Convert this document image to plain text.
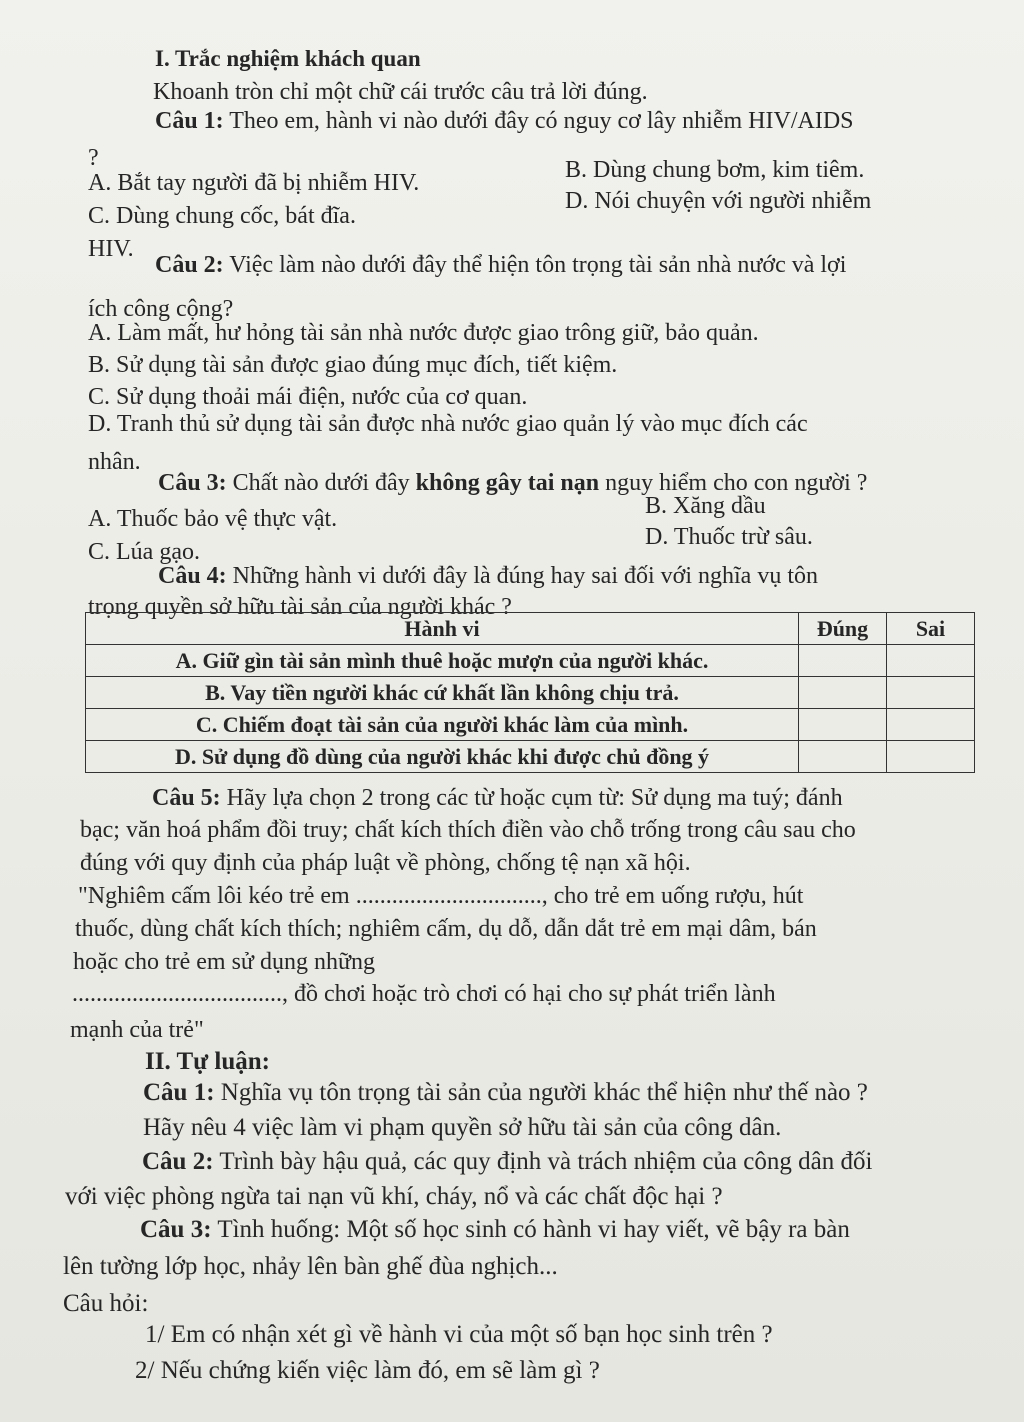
I. Trắc nghiệm khách quan
Khoanh tròn chỉ một chữ cái trước câu trả lời đúng.
Câu 1: Theo em, hành vi nào dưới đây có nguy cơ lây nhiễm HIV/AIDS
?
A. Bắt tay người đã bị nhiễm HIV.	B. Dùng chung bơm, kim tiêm.
C. Dùng chung cốc, bát đĩa.
D. Nói chuyện với người nhiễm
HIV.
Câu 2: Việc làm nào dưới đây thể hiện tôn trọng tài sản nhà nước và lợi
ích công cộng?
A. Làm mất, hư hỏng tài sản nhà nước được giao trông giữ, bảo quản.
B. Sử dụng tài sản được giao đúng mục đích, tiết kiệm.
C. Sử dụng thoải mái điện, nước của cơ quan.
D. Tranh thủ sử dụng tài sản được nhà nước giao quản lý vào mục đích các
nhân.
Câu 3: Chất nào dưới đây không gây tai nạn nguy hiểm cho con người ?
A. Thuốc bảo vệ thực vật.	B. Xăng dầu
C. Lúa gạo.
D. Thuốc trừ sâu.
Câu 4: Những hành vi dưới đây là đúng hay sai đối với nghĩa vụ tôn
trọng quyền sở hữu tài sản của người khác ?
Hành vi	Đúng	Sai
A. Giữ gìn tài sản mình thuê hoặc mượn của người khác.		
B. Vay tiền người khác cứ khất lần không chịu trả.		
C. Chiếm đoạt tài sản của người khác làm của mình.		
D. Sử dụng đồ dùng của người khác khi được chủ đồng ý		
Câu 5: Hãy lựa chọn 2 trong các từ hoặc cụm từ: Sử dụng ma tuý; đánh
bạc; văn hoá phẩm đồi truy; chất kích thích điền vào chỗ trống trong câu sau cho
đúng với quy định của pháp luật về phòng, chống tệ nạn xã hội.
"Nghiêm cấm lôi kéo trẻ em ..............................., cho trẻ em uống rượu, hút
thuốc, dùng chất kích thích; nghiêm cấm, dụ dỗ, dẫn dắt trẻ em mại dâm, bán
hoặc cho trẻ em sử dụng những
..................................., đồ chơi hoặc trò chơi có hại cho sự phát triển lành
mạnh của trẻ"
II. Tự luận:
Câu 1: Nghĩa vụ tôn trọng tài sản của người khác thể hiện như thế nào ?
Hãy nêu 4 việc làm vi phạm quyền sở hữu tài sản của công dân.
Câu 2: Trình bày hậu quả, các quy định và trách nhiệm của công dân đối
với việc phòng ngừa tai nạn vũ khí, cháy, nổ và các chất độc hại ?
Câu 3: Tình huống: Một số học sinh có hành vi hay viết, vẽ bậy ra bàn
lên tường lớp học, nhảy lên bàn ghế đùa nghịch...
Câu hỏi:
1/ Em có nhận xét gì về hành vi của một số bạn học sinh trên ?
2/ Nếu chứng kiến việc làm đó, em sẽ làm gì ?
